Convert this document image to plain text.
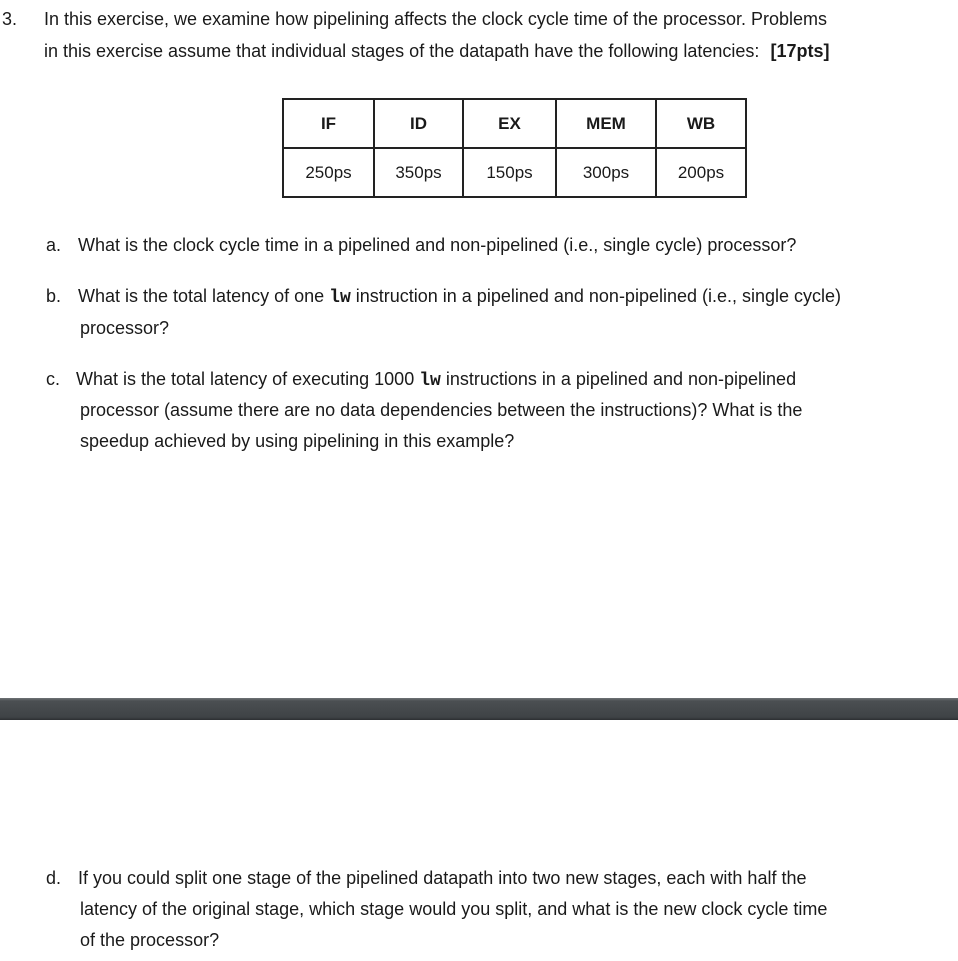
3. In this exercise, we examine how pipelining affects the clock cycle time of the processor. Problems
in this exercise assume that individual stages of the datapath have the following latencies: [17pts]
IF	ID	EX	MEM	WB
250ps	350ps	150ps	300ps	200ps
a. What is the clock cycle time in a pipelined and non-pipelined (i.e., single cycle) processor?
b. What is the total latency of one lw instruction in a pipelined and non-pipelined (i.e., single cycle)
processor?
c. What is the total latency of executing 1000 lw instructions in a pipelined and non-pipelined
processor (assume there are no data dependencies between the instructions)? What is the
speedup achieved by using pipelining in this example?
d. If you could split one stage of the pipelined datapath into two new stages, each with half the
latency of the original stage, which stage would you split, and what is the new clock cycle time
of the processor?
